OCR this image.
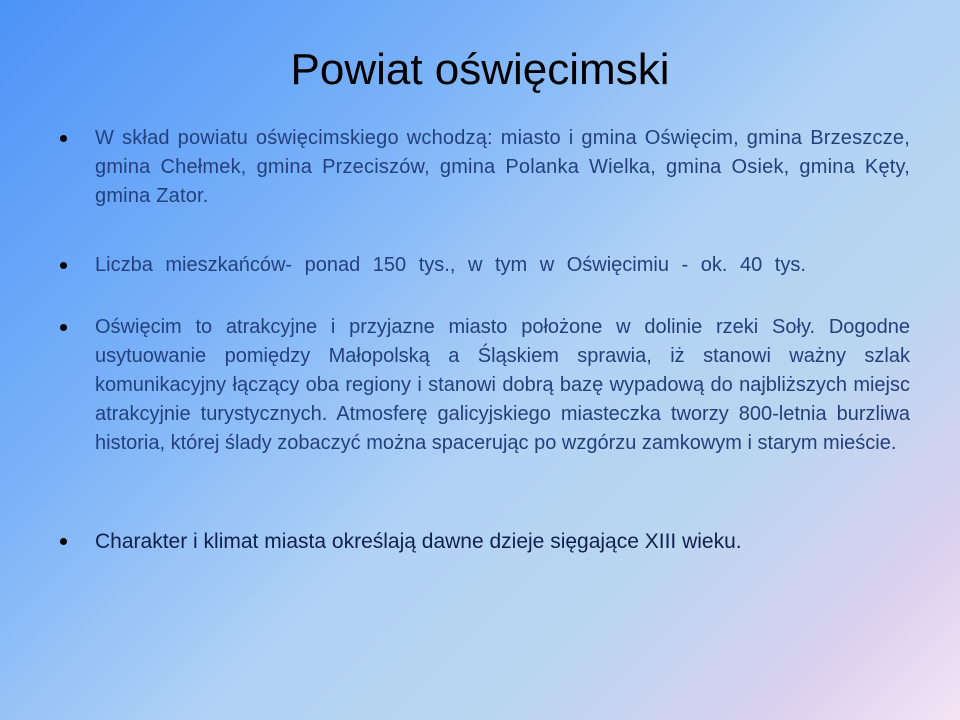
Powiat oświęcimski
W skład powiatu oświęcimskiego wchodzą: miasto i gmina Oświęcim, gmina Brzeszcze, gmina Chełmek, gmina Przeciszów, gmina Polanka Wielka, gmina Osiek, gmina Kęty, gmina Zator.
Liczba mieszkańców- ponad 150 tys., w tym w Oświęcimiu - ok. 40 tys.
Oświęcim to atrakcyjne i przyjazne miasto położone w dolinie rzeki Soły. Dogodne usytuowanie pomiędzy Małopolską a Śląskiem sprawia, iż stanowi ważny szlak komunikacyjny łączący oba regiony i stanowi dobrą bazę wypadową do najbliższych miejsc atrakcyjnie turystycznych. Atmosferę galicyjskiego miasteczka tworzy 800-letnia burzliwa historia, której ślady zobaczyć można spacerując po wzgórzu zamkowym i starym mieście.
Charakter i klimat miasta określają dawne dzieje sięgające XIII wieku.
